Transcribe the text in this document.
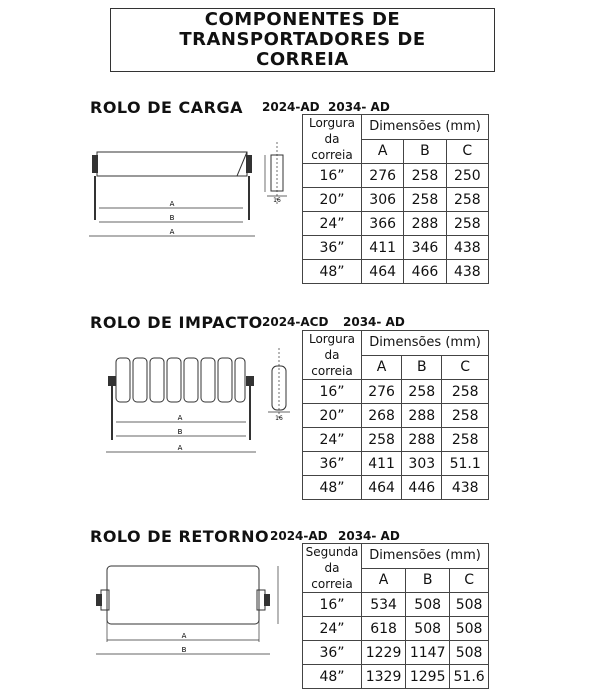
COMPONENTES DE
TRANSPORTADORES DE
CORREIA
ROLO DE CARGA 2024-AD 2034- AD
A
B
A
16
Lorgura da correia	Dimensões (mm)		
	A	B	C
16”	276	258	250
20”	306	258	258
24”	366	288	258
36”	411	346	438
48”	464	466	438
ROLO DE IMPACTO 2024-ACD 2034- AD
A
B
A
16
Lorgura da correia	Dimensões (mm)		
	A	B	C
16”	276	258	258
20”	268	288	258
24”	258	288	258
36”	411	303	51.1
48”	464	446	438
ROLO DE RETORNO 2024-AD 2034- AD
A
B
Segunda da correia	Dimensões (mm)		
	A	B	C
16”	534	508	508
24”	618	508	508
36”	1229	1147	508
48”	1329	1295	51.6
